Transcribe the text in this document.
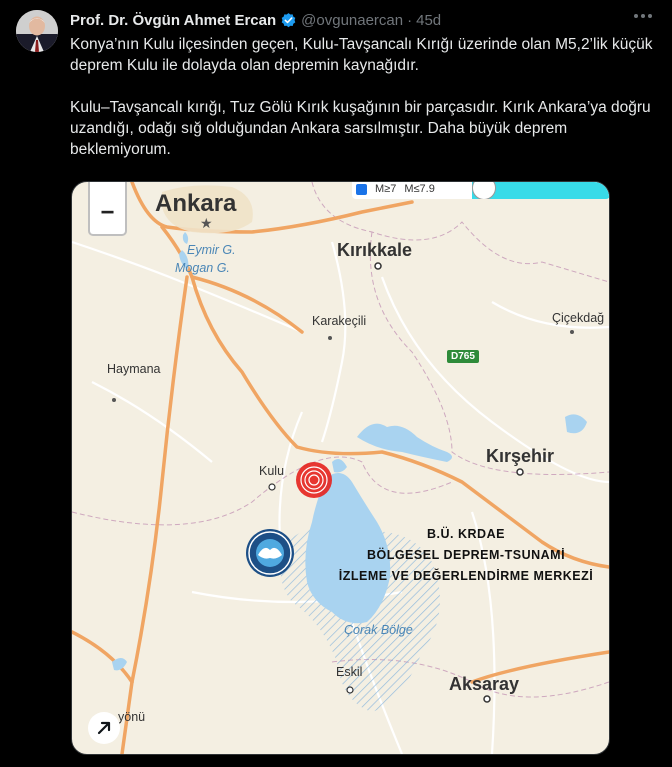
Prof. Dr. Övgün Ahmet Ercan @ovgunaercan · 45d

Konya’nın Kulu ilçesinden geçen, Kulu-Tavşancalı Kırığı üzerinde olan M5,2’lik küçük deprem Kulu ile dolayda olan depremin kaynağıdır.

Kulu–Tavşancalı kırığı, Tuz Gölü Kırık kuşağının bir parçasıdır. Kırık Ankara’ya doğru uzandığı, odağı sığ olduğundan Ankara sarsılmıştır. Daha büyük deprem beklemiyorum.

★
−
M≥7 M≤7.9
Ankara
Eymir G.
Mogan G.
Kırıkkale
Karakeçili	Çiçekdağ
D765
Haymana
Kırşehir
Kulu
Çorak Bölge
Eskil
Aksaray
yönü
B.Ü. KRDAE
BÖLGESEL DEPREM-TSUNAMİ
İZLEME VE DEĞERLENDİRME MERKEZİ
